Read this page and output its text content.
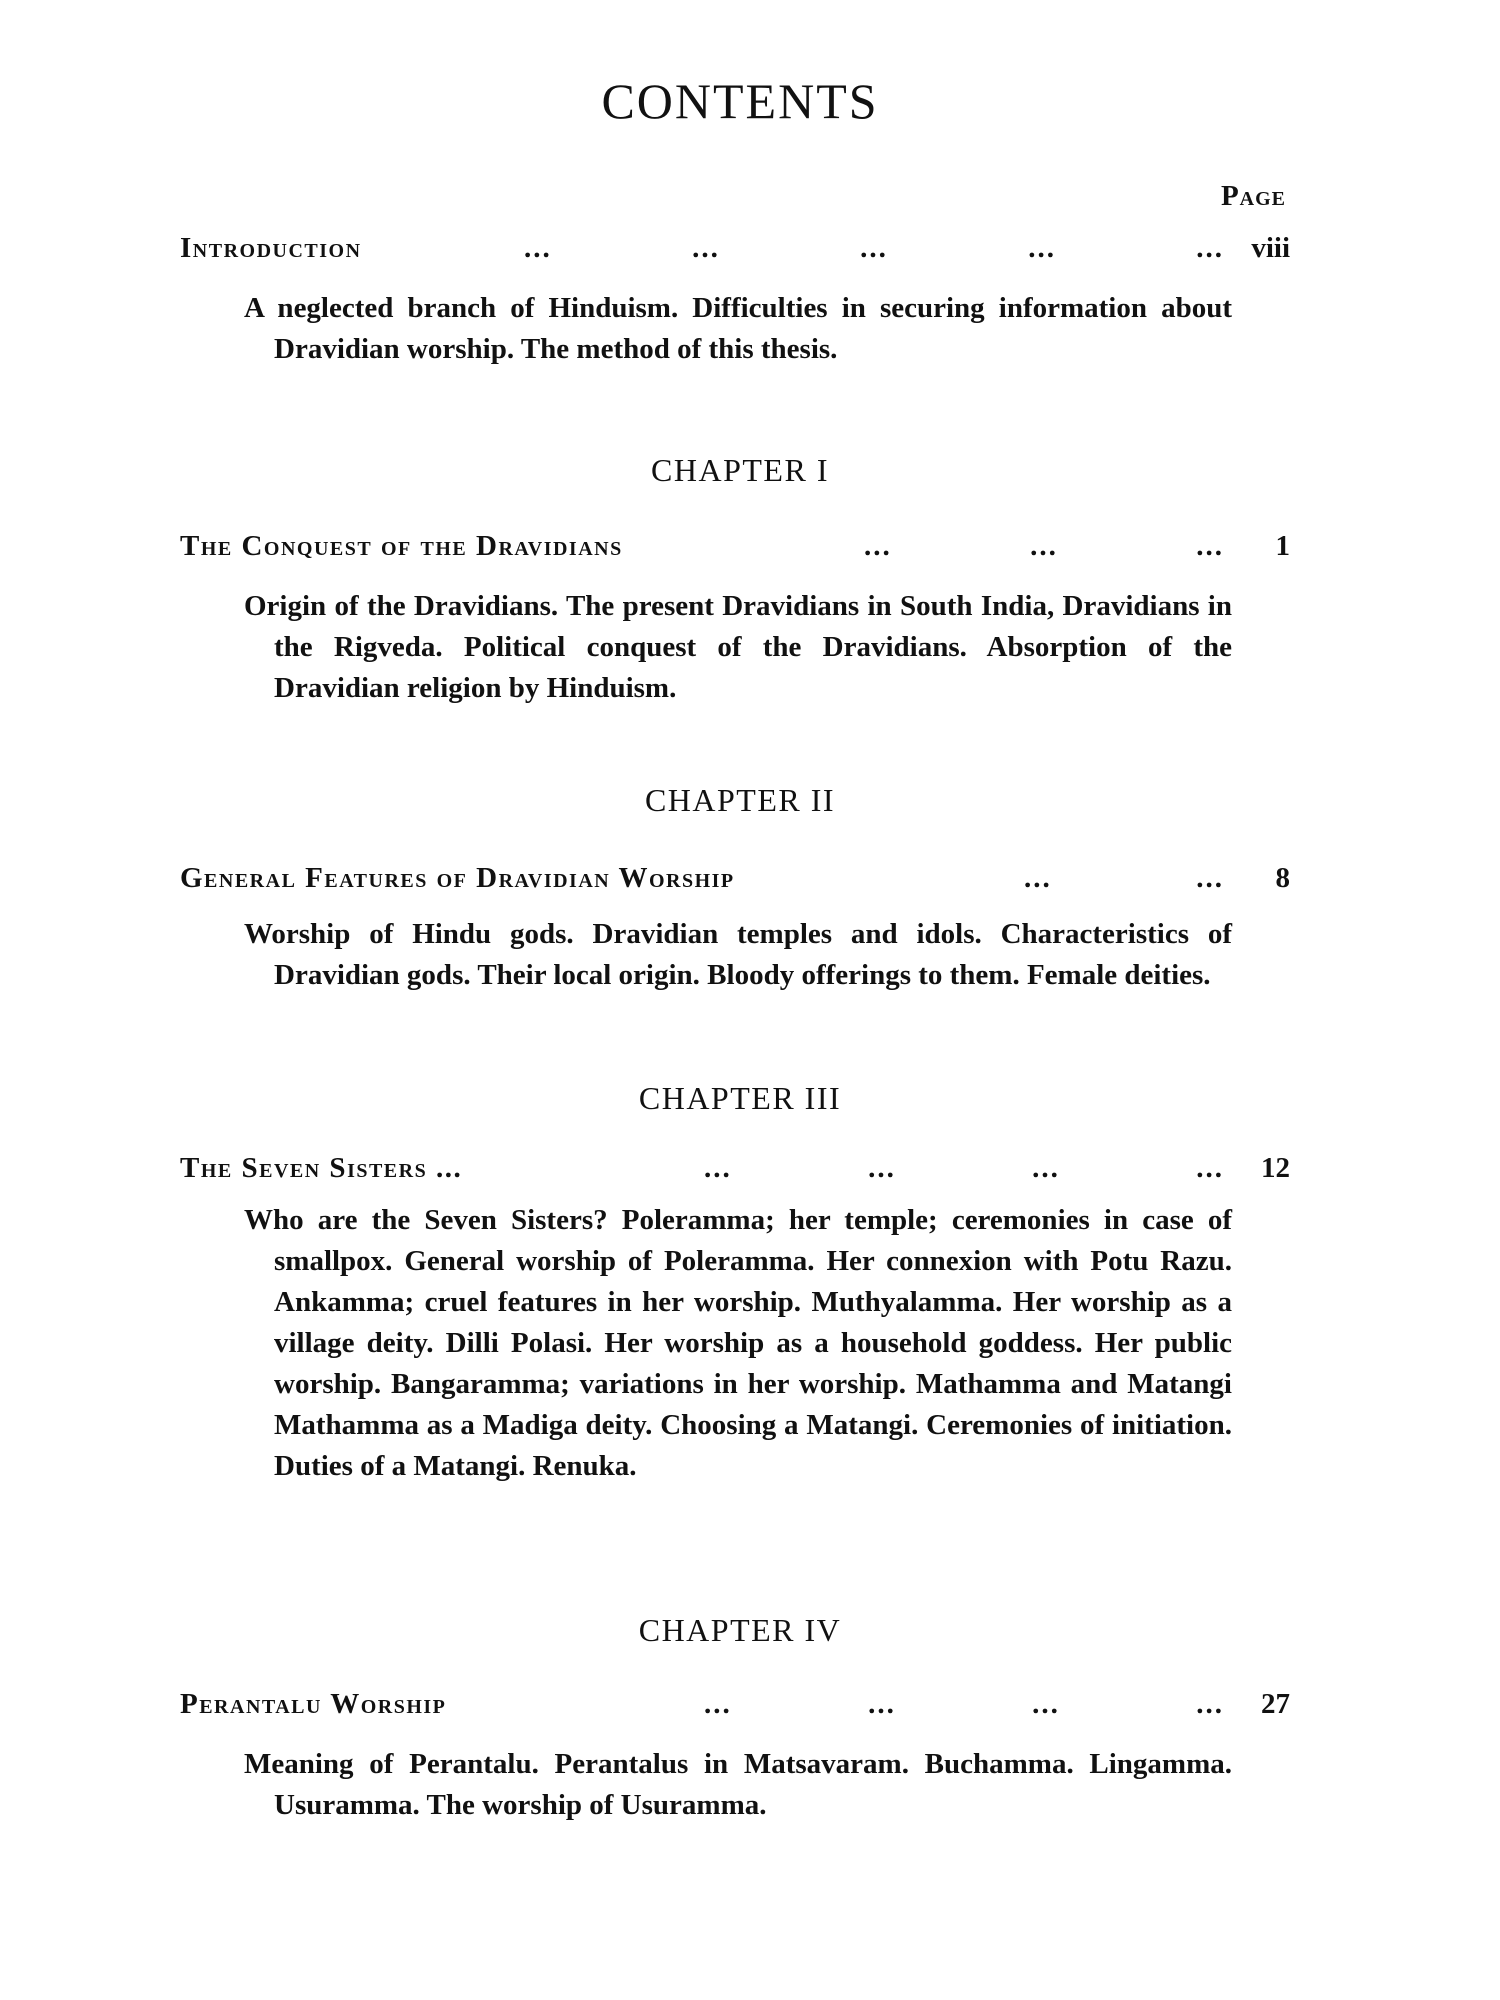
CONTENTS
Page
Introduction	...	...	...	...	... viii

A neglected branch of Hinduism. Difficulties in securing information about Dravidian worship. The method of this thesis.

CHAPTER I
The Conquest of the Dravidians	...	...	... 1

Origin of the Dravidians. The present Dravidians in South India, Dravidians in the Rigveda. Political conquest of the Dravidians. Absorption of the Dravidian religion by Hinduism.

CHAPTER II
General Features of Dravidian Worship	...	... 8

Worship of Hindu gods. Dravidian temples and idols. Characteristics of Dravidian gods. Their local origin. Bloody offerings to them. Female deities.

CHAPTER III
The Seven Sisters ...	...	...	...	... 12

Who are the Seven Sisters? Poleramma; her temple; ceremonies in case of smallpox. General worship of Poleramma. Her connexion with Potu Razu. Ankamma; cruel features in her worship. Muthyalamma. Her worship as a village deity. Dilli Polasi. Her worship as a household goddess. Her public worship. Bangaramma; variations in her worship. Mathamma and Matangi Mathamma as a Madiga deity. Choosing a Matangi. Ceremonies of initiation. Duties of a Matangi. Renuka.

CHAPTER IV
Perantalu Worship	...	...	...	... 27

Meaning of Perantalu. Perantalus in Matsavaram. Buchamma. Lingamma. Usuramma. The worship of Usuramma.
